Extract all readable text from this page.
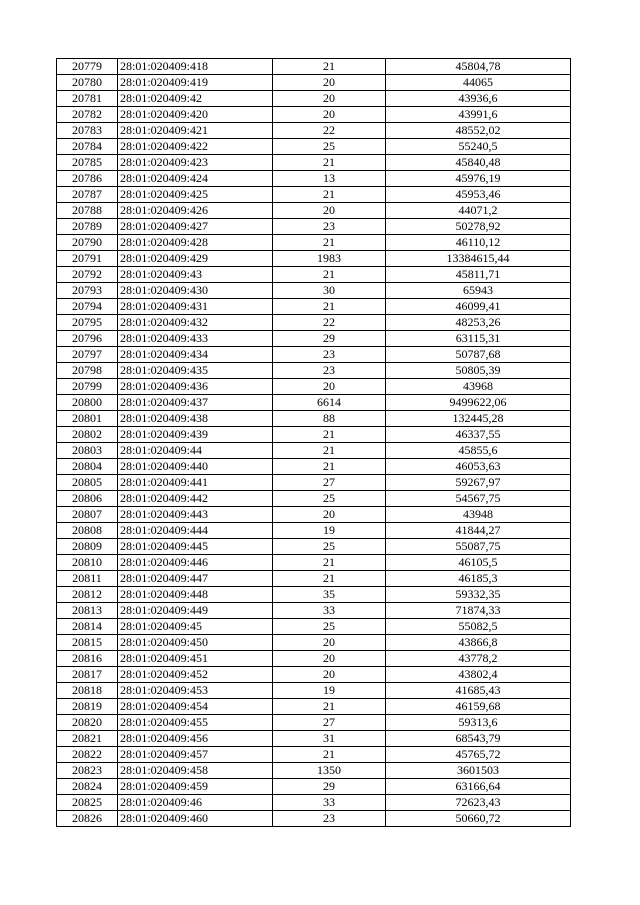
20779	28:01:020409:418	21	45804,78
20780	28:01:020409:419	20	44065
20781	28:01:020409:42	20	43936,6
20782	28:01:020409:420	20	43991,6
20783	28:01:020409:421	22	48552,02
20784	28:01:020409:422	25	55240,5
20785	28:01:020409:423	21	45840,48
20786	28:01:020409:424	13	45976,19
20787	28:01:020409:425	21	45953,46
20788	28:01:020409:426	20	44071,2
20789	28:01:020409:427	23	50278,92
20790	28:01:020409:428	21	46110,12
20791	28:01:020409:429	1983	13384615,44
20792	28:01:020409:43	21	45811,71
20793	28:01:020409:430	30	65943
20794	28:01:020409:431	21	46099,41
20795	28:01:020409:432	22	48253,26
20796	28:01:020409:433	29	63115,31
20797	28:01:020409:434	23	50787,68
20798	28:01:020409:435	23	50805,39
20799	28:01:020409:436	20	43968
20800	28:01:020409:437	6614	9499622,06
20801	28:01:020409:438	88	132445,28
20802	28:01:020409:439	21	46337,55
20803	28:01:020409:44	21	45855,6
20804	28:01:020409:440	21	46053,63
20805	28:01:020409:441	27	59267,97
20806	28:01:020409:442	25	54567,75
20807	28:01:020409:443	20	43948
20808	28:01:020409:444	19	41844,27
20809	28:01:020409:445	25	55087,75
20810	28:01:020409:446	21	46105,5
20811	28:01:020409:447	21	46185,3
20812	28:01:020409:448	35	59332,35
20813	28:01:020409:449	33	71874,33
20814	28:01:020409:45	25	55082,5
20815	28:01:020409:450	20	43866,8
20816	28:01:020409:451	20	43778,2
20817	28:01:020409:452	20	43802,4
20818	28:01:020409:453	19	41685,43
20819	28:01:020409:454	21	46159,68
20820	28:01:020409:455	27	59313,6
20821	28:01:020409:456	31	68543,79
20822	28:01:020409:457	21	45765,72
20823	28:01:020409:458	1350	3601503
20824	28:01:020409:459	29	63166,64
20825	28:01:020409:46	33	72623,43
20826	28:01:020409:460	23	50660,72
